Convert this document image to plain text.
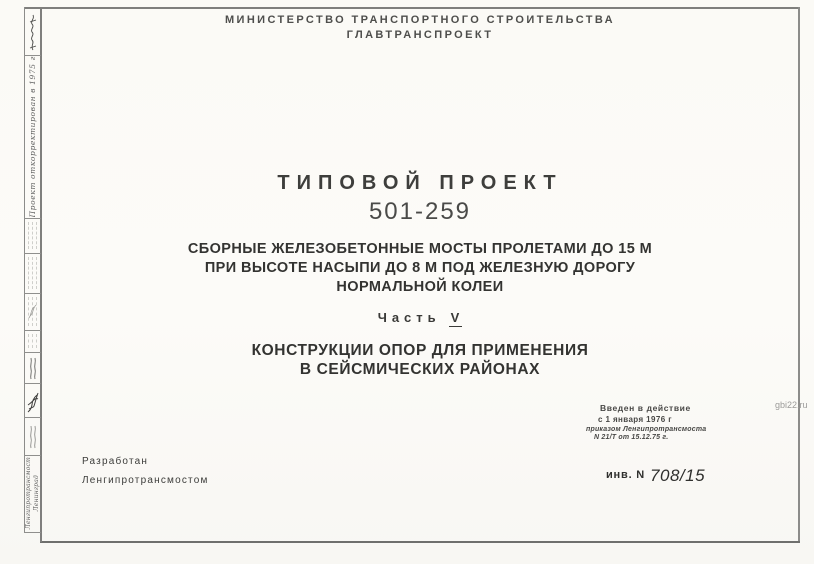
Проект откорректирован в 1975 г
Ленгипротрансмост Ленинград
МИНИСТЕРСТВО ТРАНСПОРТНОГО СТРОИТЕЛЬСТВА
ГЛАВТРАНСПРОЕКТ
ТИПОВОЙ ПРОЕКТ
501-259
СБОРНЫЕ ЖЕЛЕЗОБЕТОННЫЕ МОСТЫ ПРОЛЕТАМИ ДО 15 М
ПРИ ВЫСОТЕ НАСЫПИ ДО 8 М ПОД ЖЕЛЕЗНУЮ ДОРОГУ
НОРМАЛЬНОЙ КОЛЕИ
Часть V
КОНСТРУКЦИИ ОПОР ДЛЯ ПРИМЕНЕНИЯ
В СЕЙСМИЧЕСКИХ РАЙОНАХ
Введен в действие
с 1 января 1976 г
приказом Ленгипротрансмоста
N 21/Т от 15.12.75 г.
Разработан
Ленгипротрансмостом	инв. N 708/15
gbi22.ru
